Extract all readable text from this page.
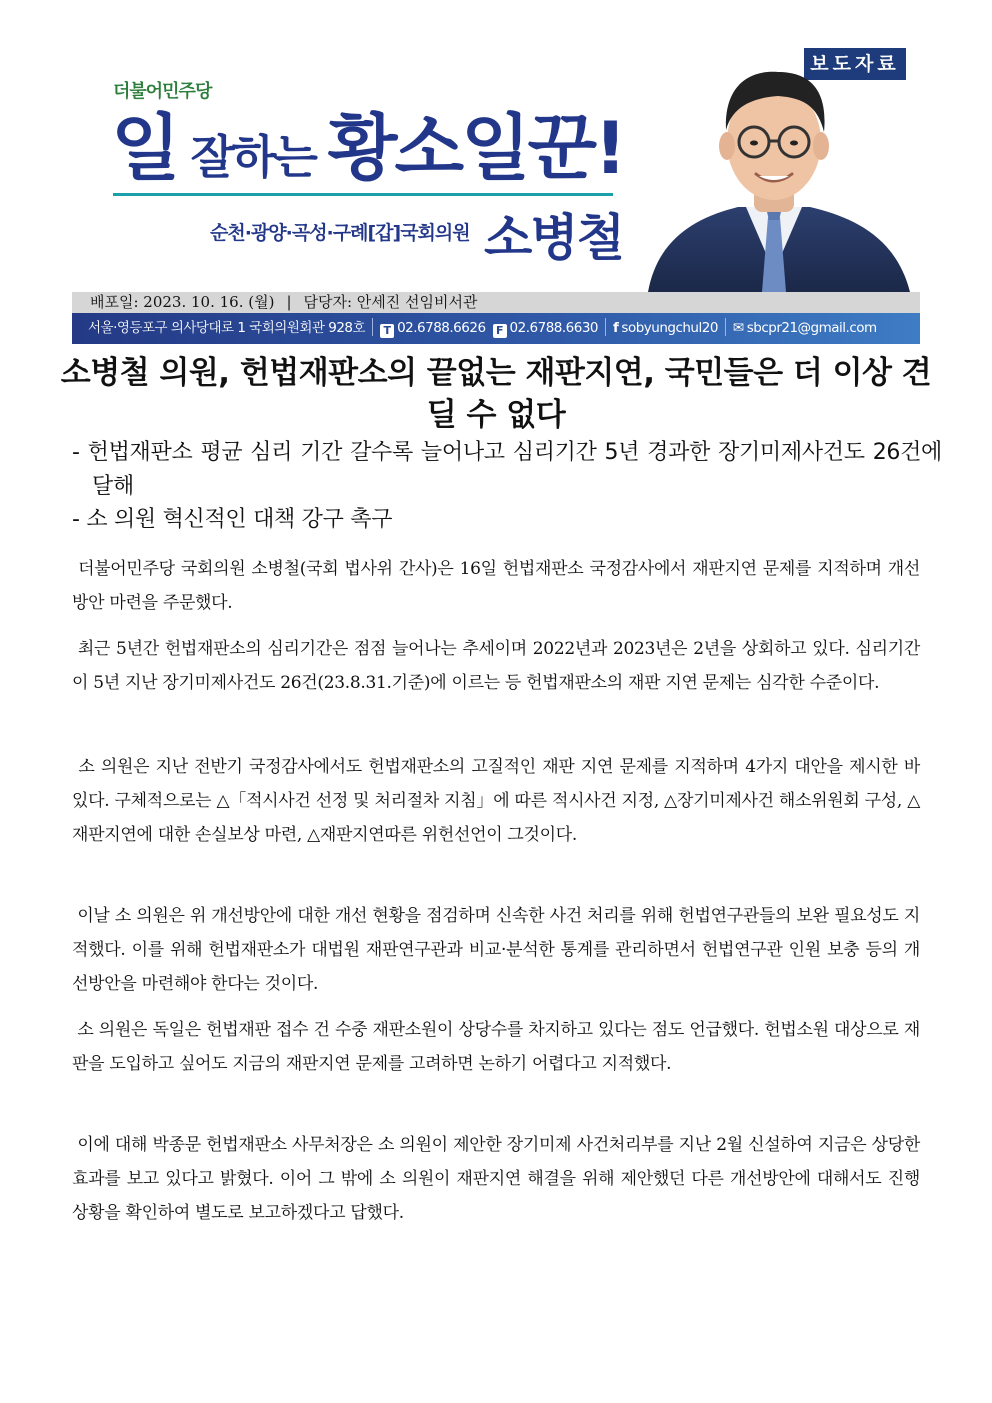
보도자료
더불어민주당
일 잘하는 황소일꾼!
순천·광양·곡성·구례[갑]국회의원 소병철
배포일: 2023. 10. 16. (월) | 담당자: 안세진 선임비서관
서울·영등포구 의사당대로 1 국회의원회관 928호 T 02.6788.6626 F 02.6788.6630 f sobyungchul20 ✉ sbcpr21@gmail.com
소병철 의원, 헌법재판소의 끝없는 재판지연, 국민들은 더 이상 견딜 수 없다
- 헌법재판소 평균 심리 기간 갈수록 늘어나고 심리기간 5년 경과한 장기미제사건도 26건에 달해
- 소 의원 혁신적인 대책 강구 촉구

더불어민주당 국회의원 소병철(국회 법사위 간사)은 16일 헌법재판소 국정감사에서 재판지연 문제를 지적하며 개선 방안 마련을 주문했다.

최근 5년간 헌법재판소의 심리기간은 점점 늘어나는 추세이며 2022년과 2023년은 2년을 상회하고 있다. 심리기간이 5년 지난 장기미제사건도 26건(23.8.31.기준)에 이르는 등 헌법재판소의 재판 지연 문제는 심각한 수준이다.

소 의원은 지난 전반기 국정감사에서도 헌법재판소의 고질적인 재판 지연 문제를 지적하며 4가지 대안을 제시한 바 있다. 구체적으로는 △「적시사건 선정 및 처리절차 지침」에 따른 적시사건 지정, △장기미제사건 해소위원회 구성, △재판지연에 대한 손실보상 마련, △재판지연따른 위헌선언이 그것이다.

이날 소 의원은 위 개선방안에 대한 개선 현황을 점검하며 신속한 사건 처리를 위해 헌법연구관들의 보완 필요성도 지적했다. 이를 위해 헌법재판소가 대법원 재판연구관과 비교·분석한 통계를 관리하면서 헌법연구관 인원 보충 등의 개선방안을 마련해야 한다는 것이다.

소 의원은 독일은 헌법재판 접수 건 수중 재판소원이 상당수를 차지하고 있다는 점도 언급했다. 헌법소원 대상으로 재판을 도입하고 싶어도 지금의 재판지연 문제를 고려하면 논하기 어렵다고 지적했다.

이에 대해 박종문 헌법재판소 사무처장은 소 의원이 제안한 장기미제 사건처리부를 지난 2월 신설하여 지금은 상당한 효과를 보고 있다고 밝혔다. 이어 그 밖에 소 의원이 재판지연 해결을 위해 제안했던 다른 개선방안에 대해서도 진행 상황을 확인하여 별도로 보고하겠다고 답했다.
